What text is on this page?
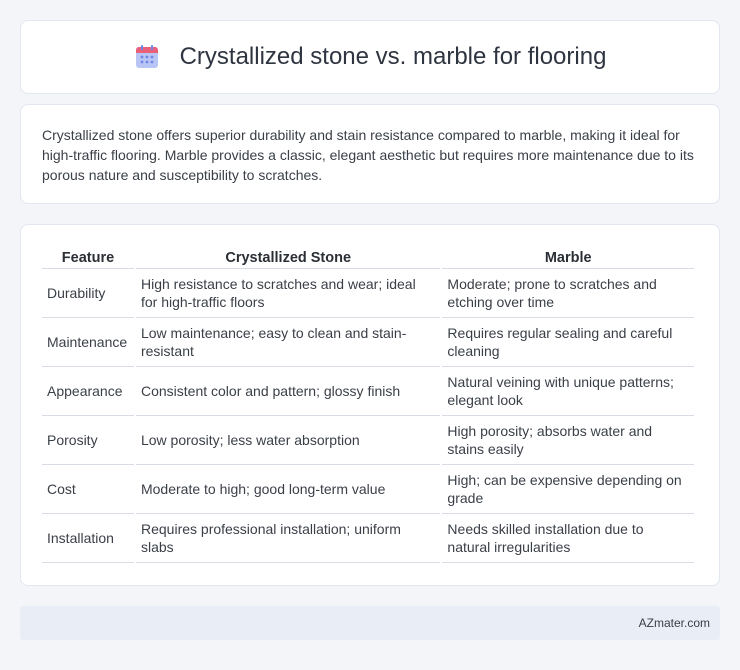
Crystallized stone vs. marble for flooring

Crystallized stone offers superior durability and stain resistance compared to marble, making it ideal for high-traffic flooring. Marble provides a classic, elegant aesthetic but requires more maintenance due to its porous nature and susceptibility to scratches.

Feature	Crystallized Stone	Marble
Durability	High resistance to scratches and wear; ideal for high-traffic floors	Moderate; prone to scratches and etching over time
Maintenance	Low maintenance; easy to clean and stain-resistant	Requires regular sealing and careful cleaning
Appearance	Consistent color and pattern; glossy finish	Natural veining with unique patterns; elegant look
Porosity	Low porosity; less water absorption	High porosity; absorbs water and stains easily
Cost	Moderate to high; good long-term value	High; can be expensive depending on grade
Installation	Requires professional installation; uniform slabs	Needs skilled installation due to natural irregularities
AZmater.com
